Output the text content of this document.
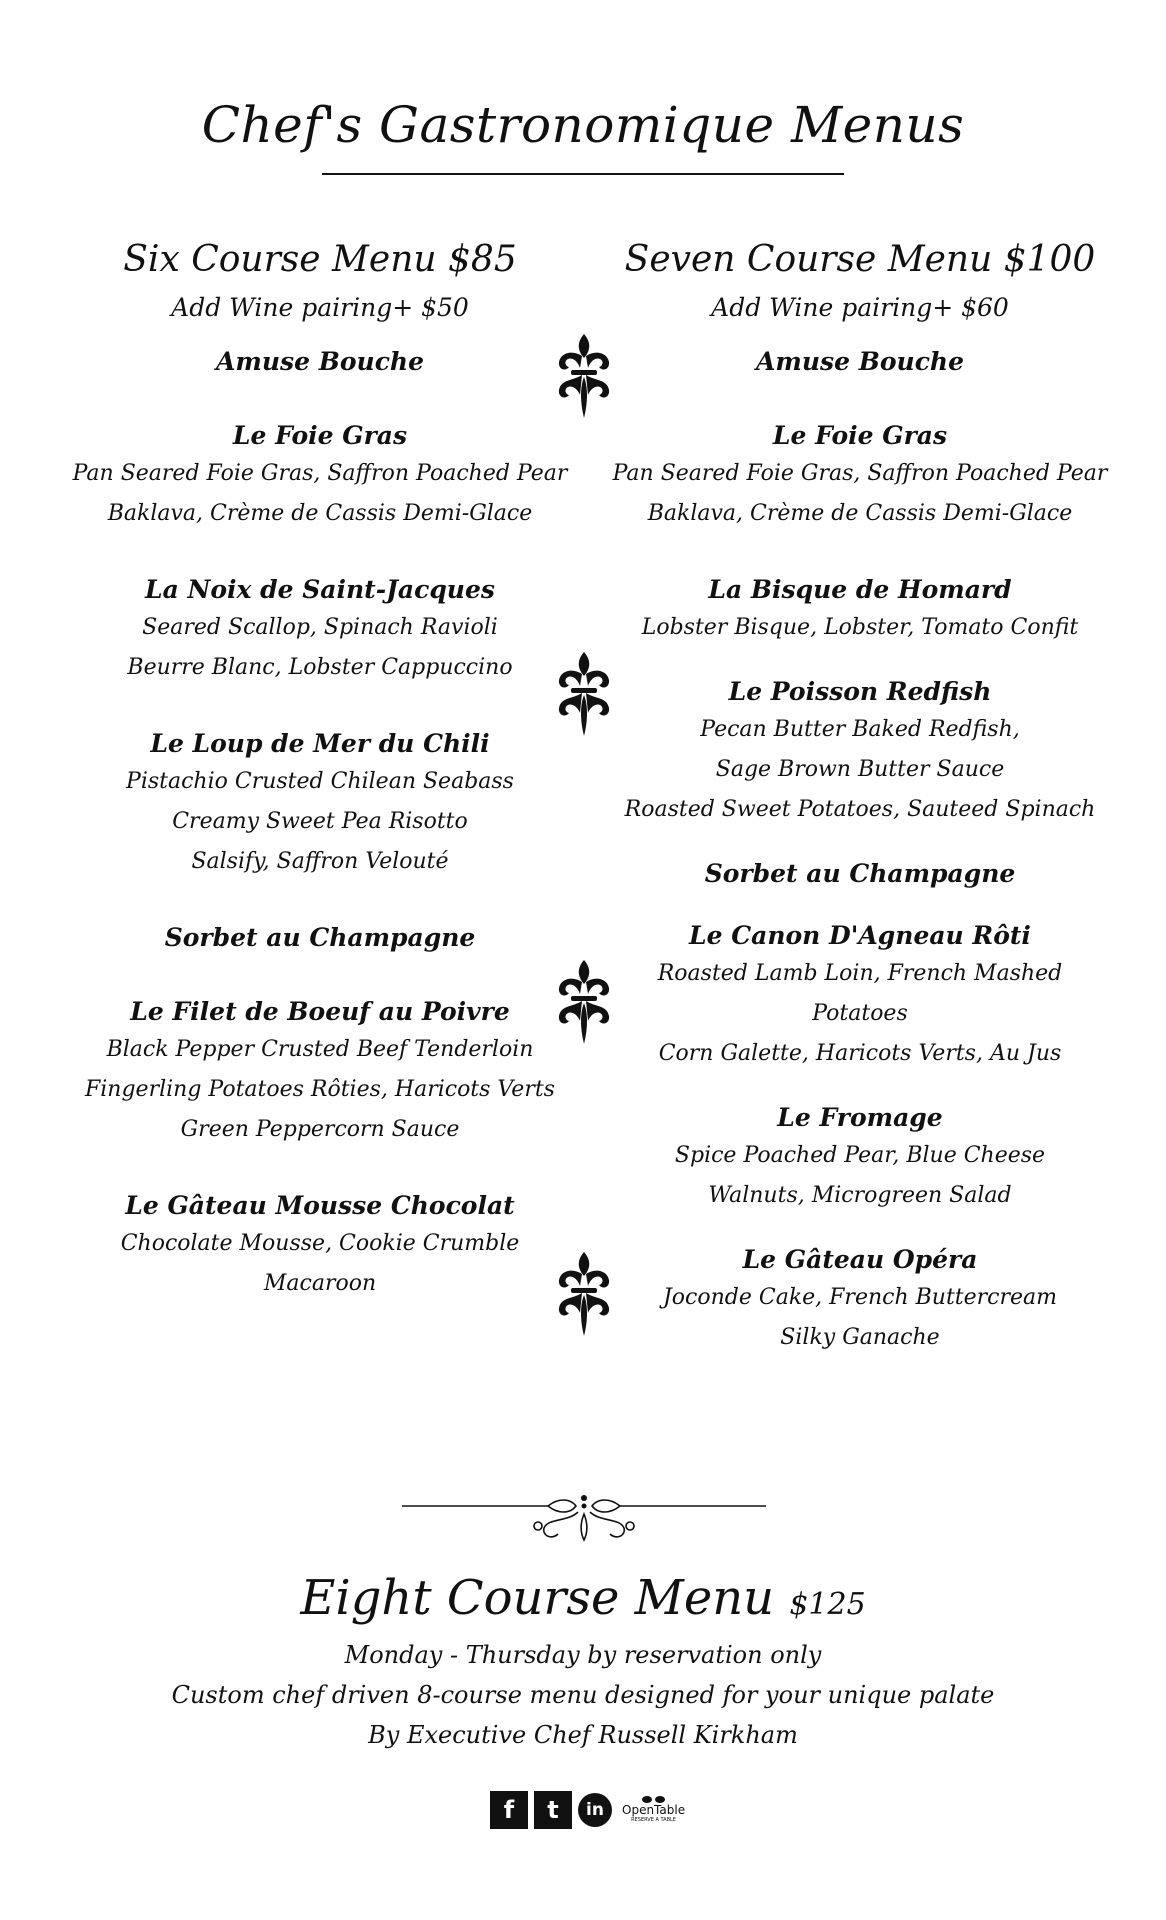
Chef's Gastronomique Menus
Six Course Menu $85
Add Wine pairing+ $50
Amuse Bouche
Le Foie Gras
Pan Seared Foie Gras, Saffron Poached Pear
Baklava, Crème de Cassis Demi-Glace
La Noix de Saint-Jacques
Seared Scallop, Spinach Ravioli
Beurre Blanc, Lobster Cappuccino
Le Loup de Mer du Chili
Pistachio Crusted Chilean Seabass
Creamy Sweet Pea Risotto
Salsify, Saffron Velouté
Sorbet au Champagne
Le Filet de Boeuf au Poivre
Black Pepper Crusted Beef Tenderloin
Fingerling Potatoes Rôties, Haricots Verts
Green Peppercorn Sauce
Le Gâteau Mousse Chocolat
Chocolate Mousse, Cookie Crumble
Macaroon
Seven Course Menu $100
Add Wine pairing+ $60
Amuse Bouche
Le Foie Gras
Pan Seared Foie Gras, Saffron Poached Pear
Baklava, Crème de Cassis Demi-Glace
La Bisque de Homard
Lobster Bisque, Lobster, Tomato Confit
Le Poisson Redfish
Pecan Butter Baked Redfish,
Sage Brown Butter Sauce
Roasted Sweet Potatoes, Sauteed Spinach
Sorbet au Champagne
Le Canon D'Agneau Rôti
Roasted Lamb Loin, French Mashed Potatoes
Corn Galette, Haricots Verts, Au Jus
Le Fromage
Spice Poached Pear, Blue Cheese
Walnuts, Microgreen Salad
Le Gâteau Opéra
Joconde Cake, French Buttercream
Silky Ganache
Eight Course Menu $125
Monday - Thursday by reservation only
Custom chef driven 8-course menu designed for your unique palate
By Executive Chef Russell Kirkham
f t in OpenTable
RESERVE A TABLE
